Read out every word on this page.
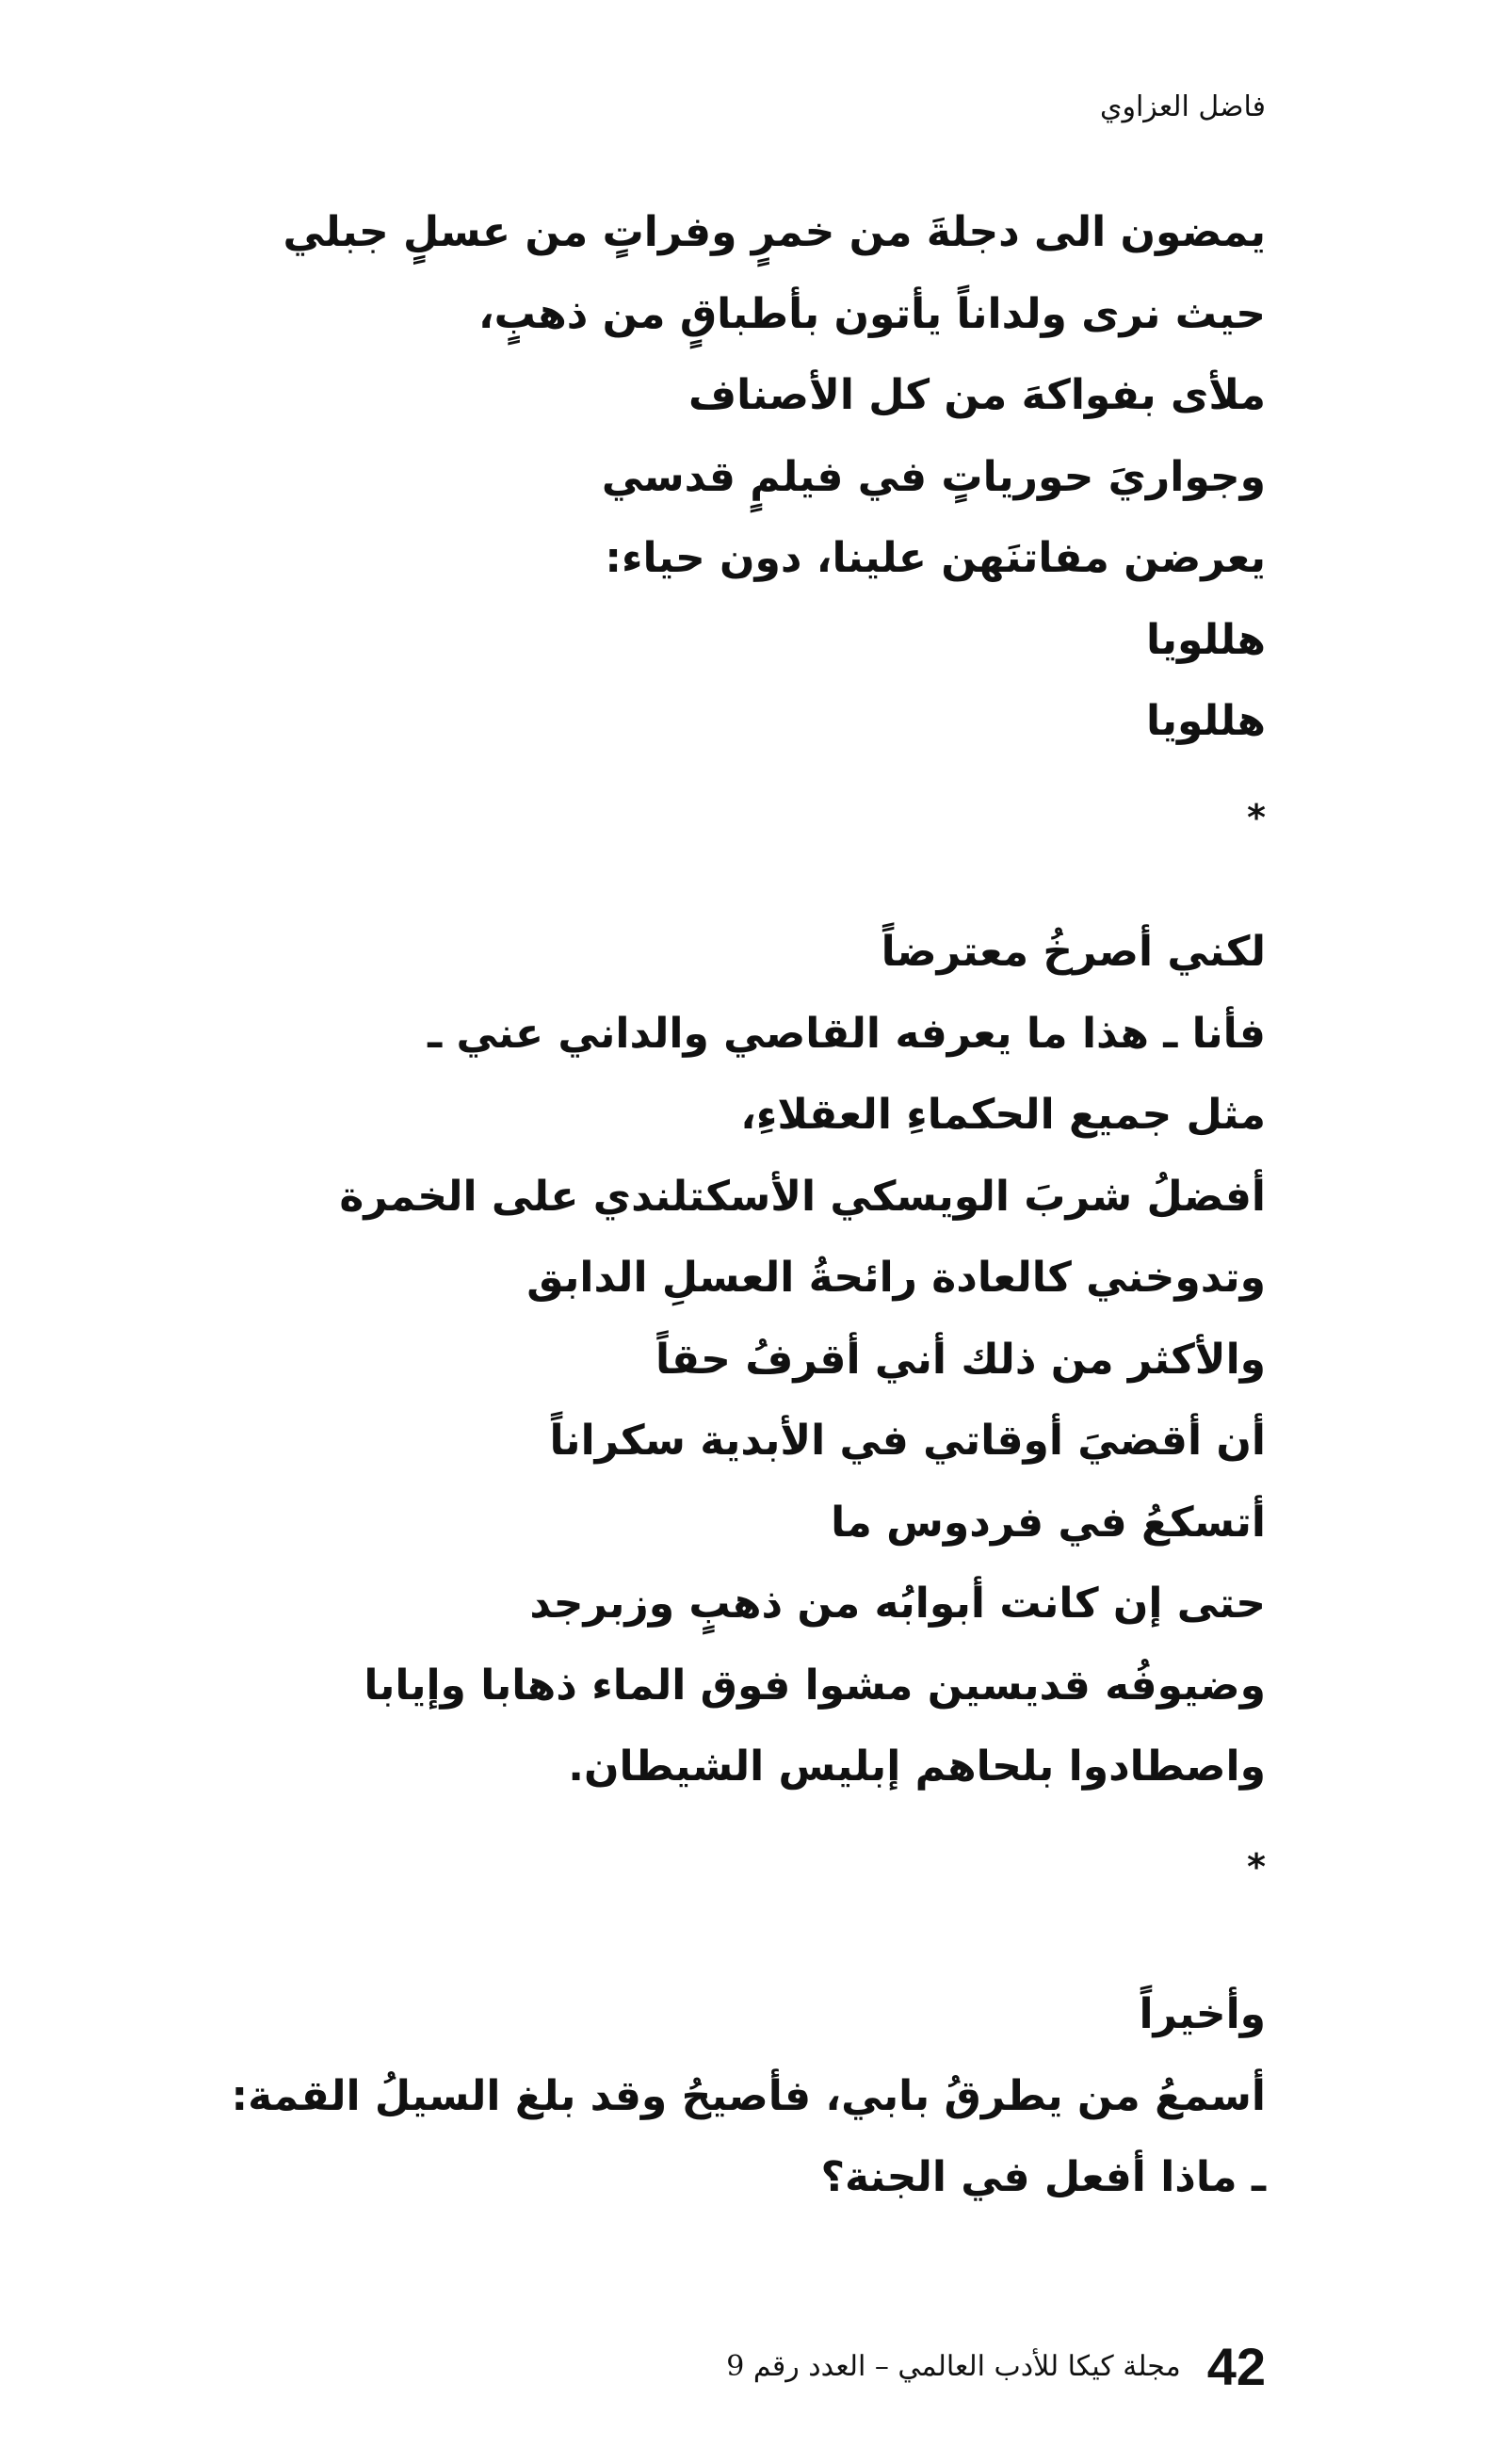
فاضل العزاوي
يمضون الى دجلةَ من خمرٍ وفراتٍ من عسلٍ جبلي
حيث نرى ولداناً يأتون بأطباقٍ من ذهبٍ،
ملأى بفواكهَ من كل الأصناف
وجواريَ حورياتٍ في فيلمٍ قدسي
يعرضن مفاتنَهن علينا، دون حياء:
هللويا
هللويا
*
لكني أصرخُ معترضاً
فأنا ـ هذا ما يعرفه القاصي والداني عني ـ
مثل جميع الحكماءِ العقلاءِ،
أفضلُ شربَ الويسكي الأسكتلندي على الخمرة
وتدوخني كالعادة رائحةُ العسلِ الدابق
والأكثر من ذلك أني أقرفُ حقاً
أن أقضيَ أوقاتي في الأبدية سكراناً
أتسكعُ في فردوس ما
حتى إن كانت أبوابُه من ذهبٍ وزبرجد
وضيوفُه قديسين مشوا فوق الماء ذهابا وإيابا
واصطادوا بلحاهم إبليس الشيطان.
*
وأخيراً
أسمعُ من يطرقُ بابي، فأصيحُ وقد بلغ السيلُ القمة:
ـ ماذا أفعل في الجنة؟
مجلة كيكا للأدب العالمي – العدد رقم 9 42
